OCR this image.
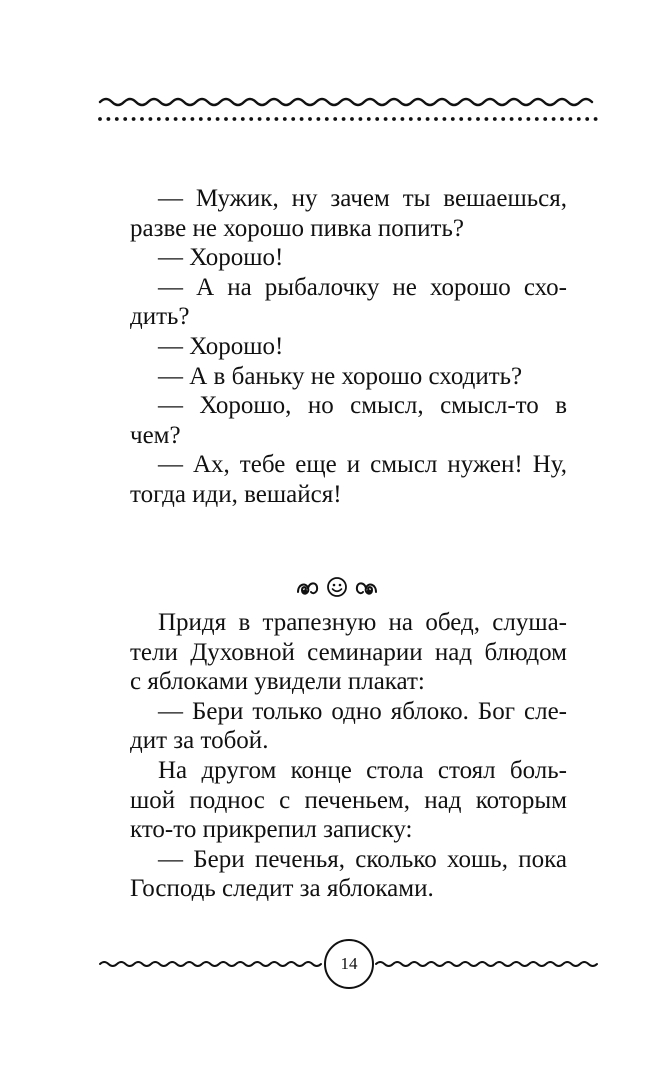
— Мужик, ну зачем ты вешаешься,
разве не хорошо пивка попить?
— Хорошо!
— А на рыбалочку не хорошо схо-
дить?
— Хорошо!
— А в баньку не хорошо сходить?
— Хорошо, но смысл, смысл-то в
чем?
— Ах, тебе еще и смысл нужен! Ну,
тогда иди, вешайся!
Придя в трапезную на обед, слуша-
тели Духовной семинарии над блюдом
с яблоками увидели плакат:
— Бери только одно яблоко. Бог сле-
дит за тобой.
На другом конце стола стоял боль-
шой поднос с печеньем, над которым
кто-то прикрепил записку:
— Бери печенья, сколько хошь, пока
Господь следит за яблоками.
14
